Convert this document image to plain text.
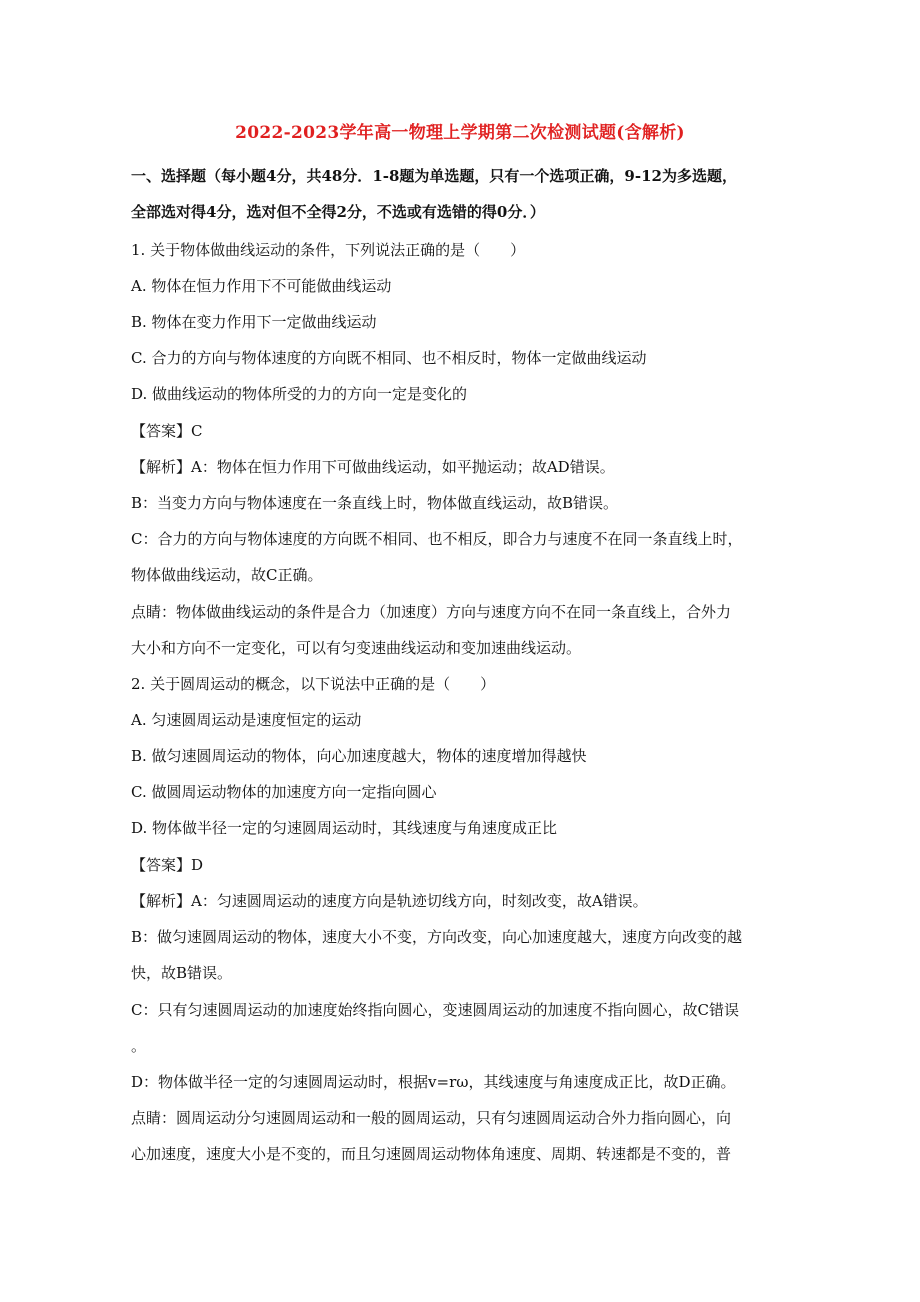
2022-2023学年高一物理上学期第二次检测试题(含解析)

一、选择题（每小题4分，共48分．1-8题为单选题，只有一个选项正确，9-12为多选题，

全部选对得4分，选对但不全得2分，不选或有选错的得0分．）

1. 关于物体做曲线运动的条件，下列说法正确的是（　　）

A. 物体在恒力作用下不可能做曲线运动

B. 物体在变力作用下一定做曲线运动

C. 合力的方向与物体速度的方向既不相同、也不相反时，物体一定做曲线运动

D. 做曲线运动的物体所受的力的方向一定是变化的

【答案】C

【解析】A：物体在恒力作用下可做曲线运动，如平抛运动；故AD错误。

B：当变力方向与物体速度在一条直线上时，物体做直线运动，故B错误。

C：合力的方向与物体速度的方向既不相同、也不相反，即合力与速度不在同一条直线上时，

物体做曲线运动，故C正确。

点睛：物体做曲线运动的条件是合力（加速度）方向与速度方向不在同一条直线上，合外力

大小和方向不一定变化，可以有匀变速曲线运动和变加速曲线运动。

2. 关于圆周运动的概念，以下说法中正确的是（　　）

A. 匀速圆周运动是速度恒定的运动

B. 做匀速圆周运动的物体，向心加速度越大，物体的速度增加得越快

C. 做圆周运动物体的加速度方向一定指向圆心

D. 物体做半径一定的匀速圆周运动时，其线速度与角速度成正比

【答案】D

【解析】A：匀速圆周运动的速度方向是轨迹切线方向，时刻改变，故A错误。

B：做匀速圆周运动的物体，速度大小不变，方向改变，向心加速度越大，速度方向改变的越

快，故B错误。

C：只有匀速圆周运动的加速度始终指向圆心，变速圆周运动的加速度不指向圆心，故C错误

。

D：物体做半径一定的匀速圆周运动时，根据v=rω，其线速度与角速度成正比，故D正确。

点睛：圆周运动分匀速圆周运动和一般的圆周运动，只有匀速圆周运动合外力指向圆心，向

心加速度，速度大小是不变的，而且匀速圆周运动物体角速度、周期、转速都是不变的，普
